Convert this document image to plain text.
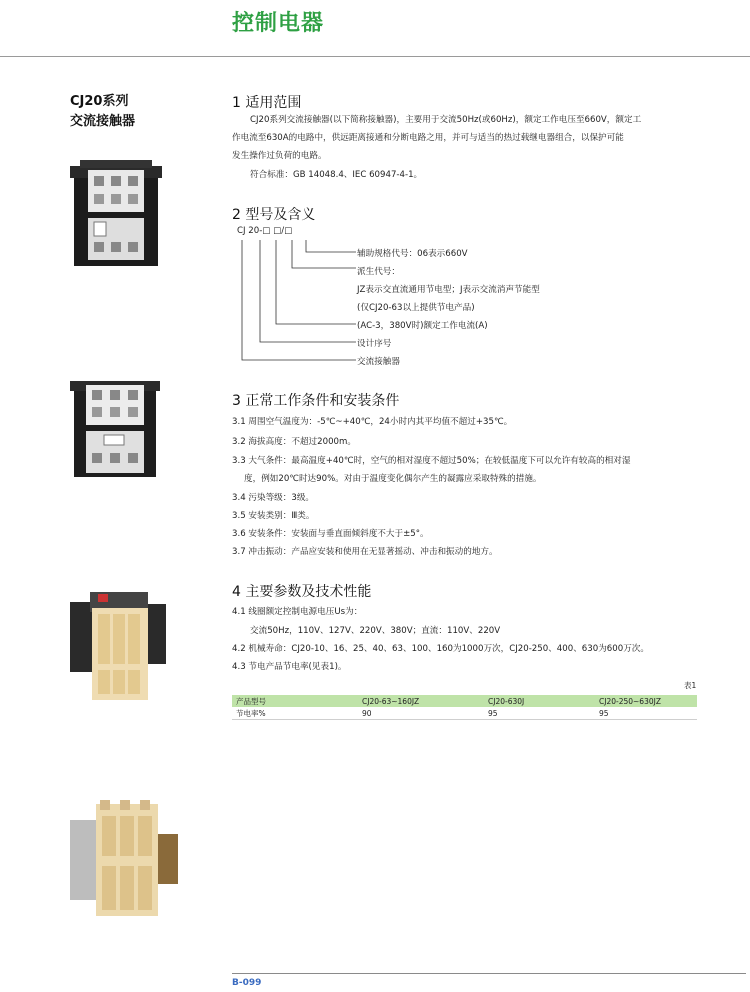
控制电器
CJ20系列
交流接触器
1 适用范围
CJ20系列交流接触器(以下简称接触器)，主要用于交流50Hz(或60Hz)，额定工作电压至660V，额定工
作电流至630A的电路中，供远距离接通和分断电路之用，并可与适当的热过载继电器组合，以保护可能
发生操作过负荷的电路。
符合标准：GB 14048.4、IEC 60947-4-1。
2 型号及含义
CJ 20-□ □/□
辅助规格代号：06表示660V
派生代号：
JZ表示交直流通用节电型；J表示交流消声节能型
(仅CJ20-63以上提供节电产品)
(AC-3，380V时)额定工作电流(A)
设计序号
交流接触器
3 正常工作条件和安装条件
3.1 周围空气温度为：-5℃~+40℃，24小时内其平均值不超过+35℃。
3.2 海拔高度：不超过2000m。
3.3 大气条件：最高温度+40℃时，空气的相对湿度不超过50%；在较低温度下可以允许有较高的相对湿
度，例如20℃时达90%。对由于温度变化偶尔产生的凝露应采取特殊的措施。
3.4 污染等级：3级。
3.5 安装类别：Ⅲ类。
3.6 安装条件：安装面与垂直面倾斜度不大于±5°。
3.7 冲击振动：产品应安装和使用在无显著摇动、冲击和振动的地方。
4 主要参数及技术性能
4.1 线圈额定控制电源电压Us为：
交流50Hz，110V、127V、220V、380V；直流：110V、220V
4.2 机械寿命：CJ20-10、16、25、40、63、100、160为1000万次，CJ20-250、400、630为600万次。
4.3 节电产品节电率(见表1)。
表1
产品型号	CJ20-63~160JZ	CJ20-630J	CJ20-250~630JZ
节电率%	90	95	95
B-099
